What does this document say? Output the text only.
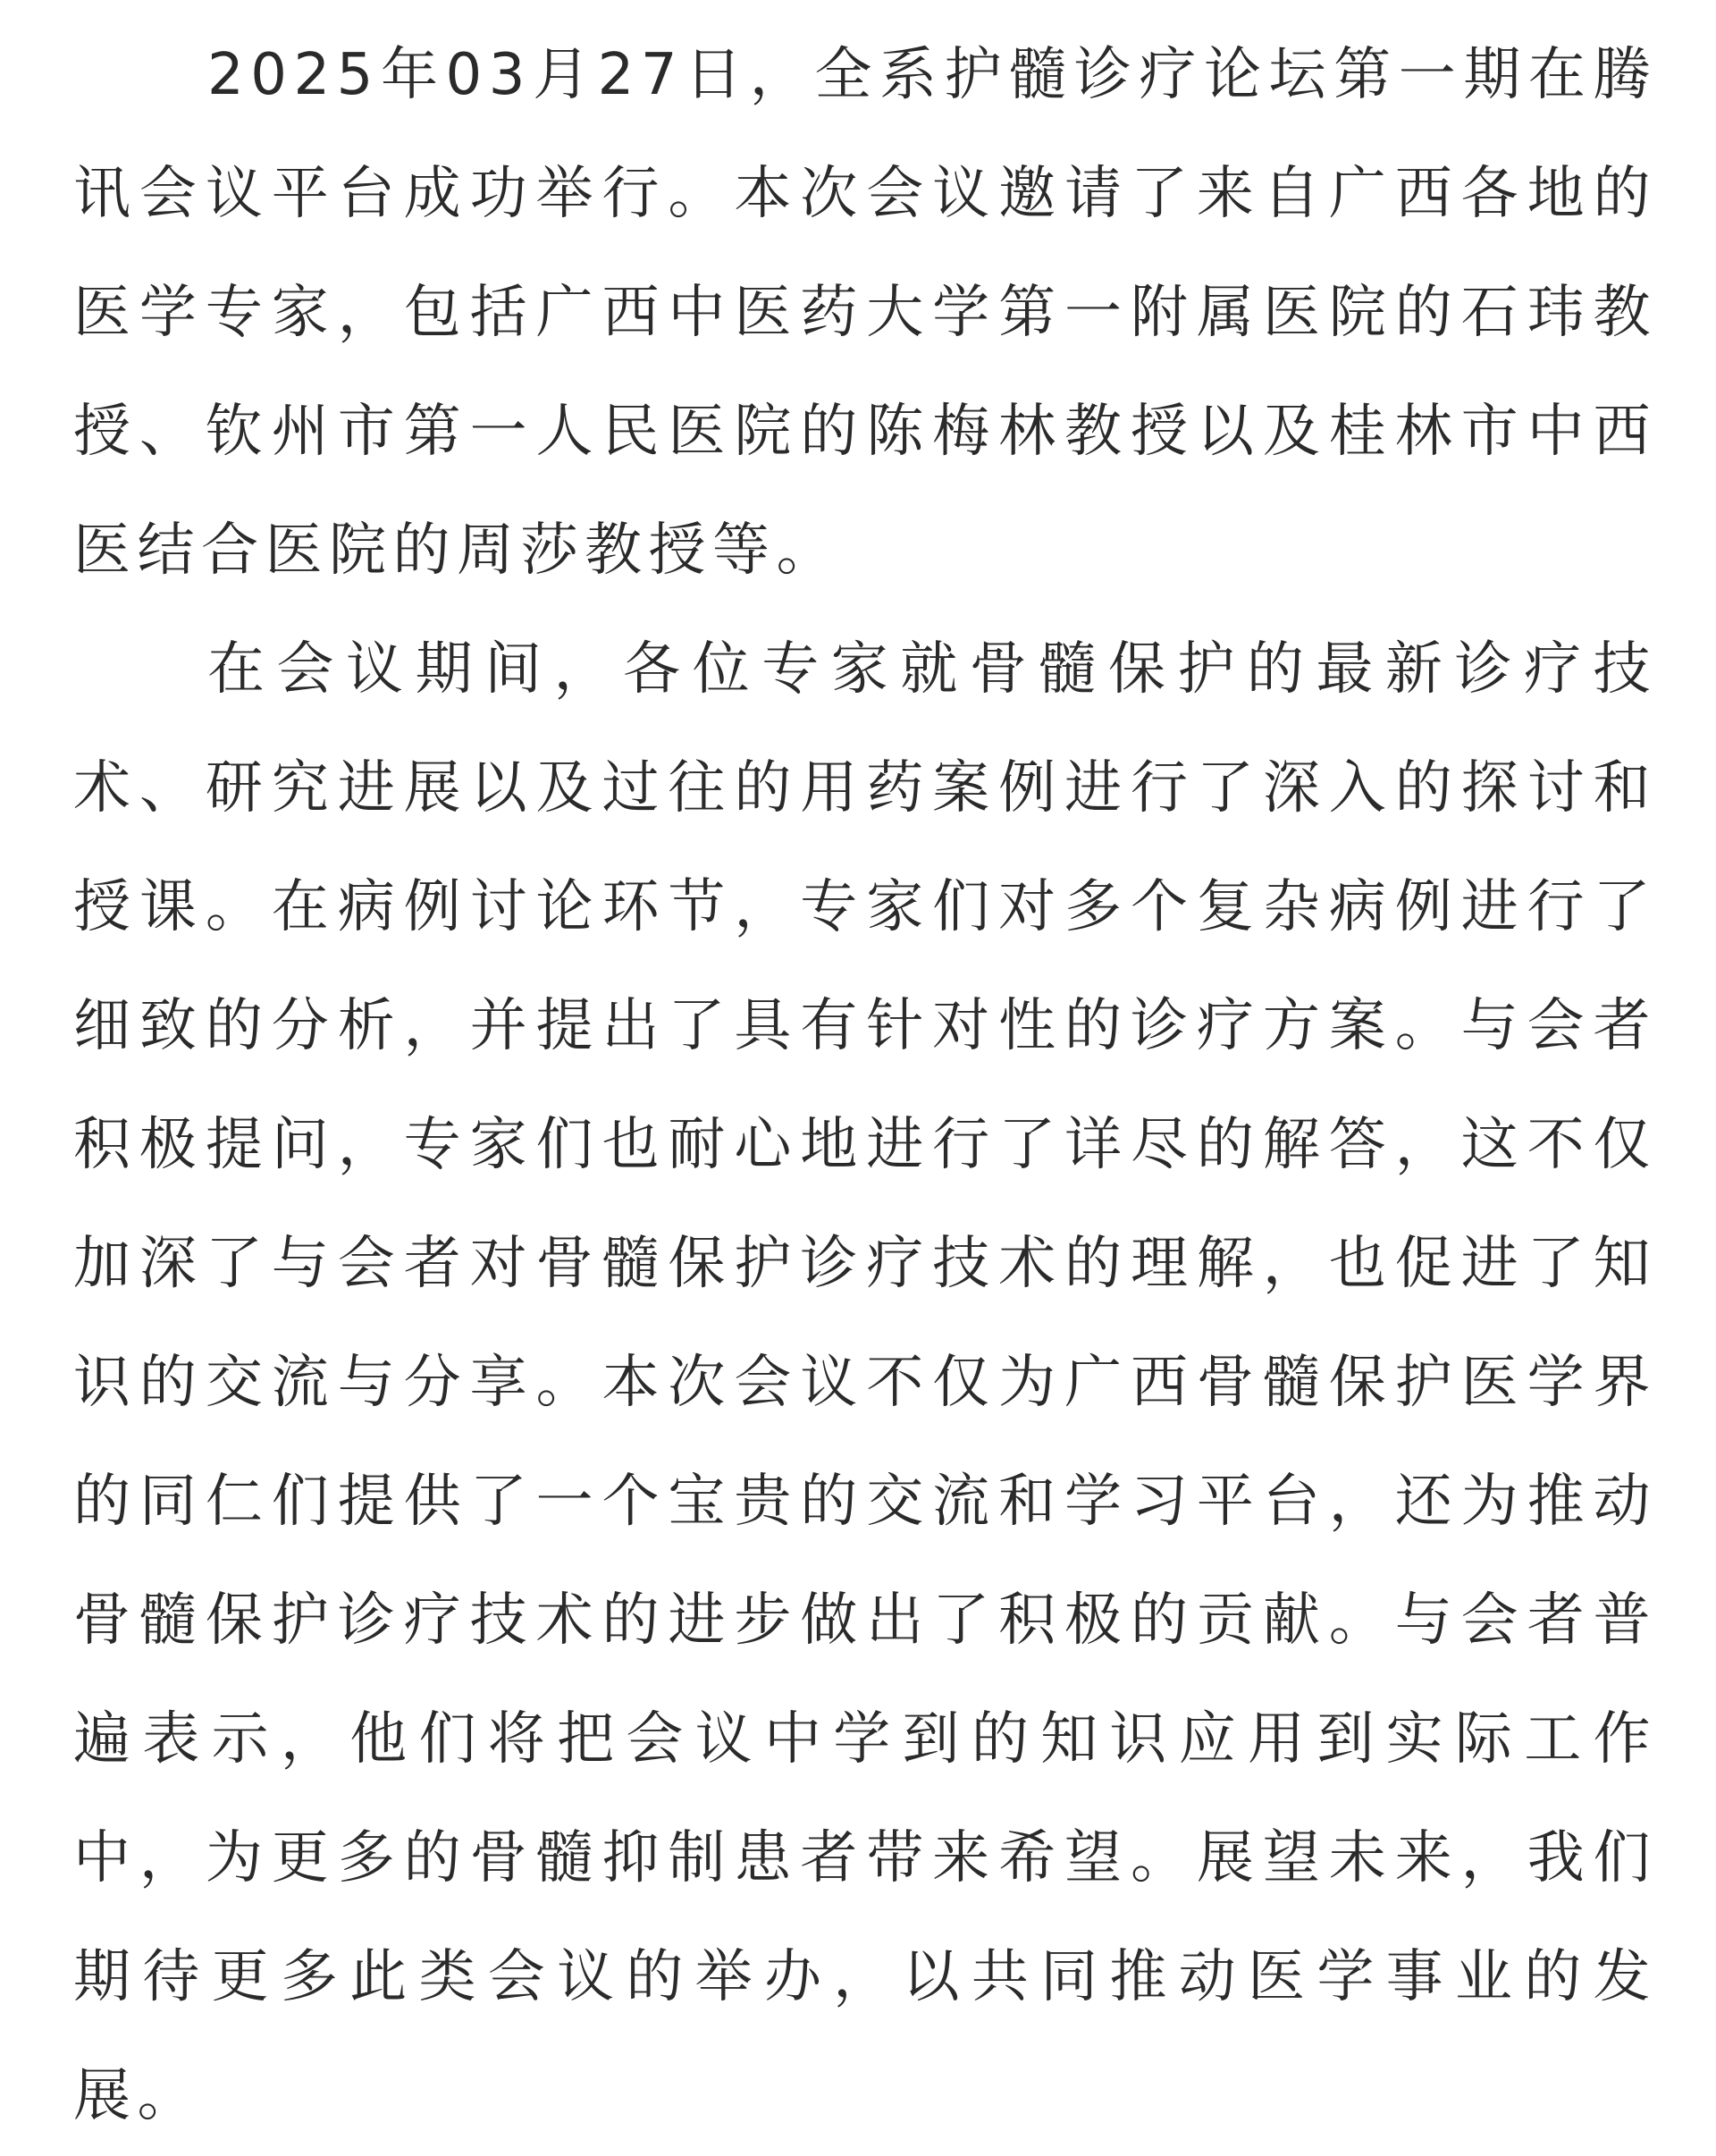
2025年03月27日，全系护髓诊疗论坛第一期在腾讯会议平台成功举行。本次会议邀请了来自广西各地的医学专家，包括广西中医药大学第一附属医院的石玮教授、钦州市第一人民医院的陈梅林教授以及桂林市中西医结合医院的周莎教授等。

在会议期间，各位专家就骨髓保护的最新诊疗技术、研究进展以及过往的用药案例进行了深入的探讨和授课。在病例讨论环节，专家们对多个复杂病例进行了细致的分析，并提出了具有针对性的诊疗方案。与会者积极提问，专家们也耐心地进行了详尽的解答，这不仅加深了与会者对骨髓保护诊疗技术的理解，也促进了知识的交流与分享。本次会议不仅为广西骨髓保护医学界的同仁们提供了一个宝贵的交流和学习平台，还为推动骨髓保护诊疗技术的进步做出了积极的贡献。与会者普遍表示，他们将把会议中学到的知识应用到实际工作中，为更多的骨髓抑制患者带来希望。展望未来，我们期待更多此类会议的举办，以共同推动医学事业的发展。
